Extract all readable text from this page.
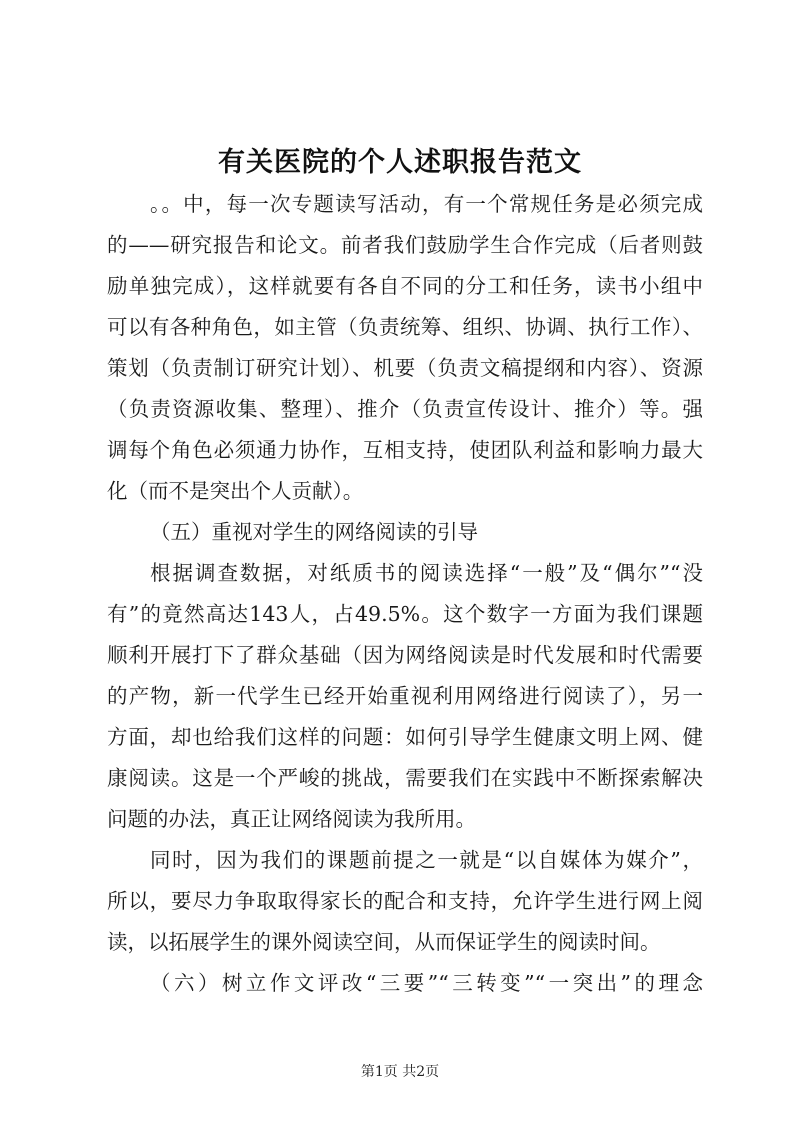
有关医院的个人述职报告范文
。。中，每一次专题读写活动，有一个常规任务是必须完成
的——研究报告和论文。前者我们鼓励学生合作完成（后者则鼓
励单独完成），这样就要有各自不同的分工和任务，读书小组中
可以有各种角色，如主管（负责统筹、组织、协调、执行工作）、
策划（负责制订研究计划）、机要（负责文稿提纲和内容）、资源
（负责资源收集、整理）、推介（负责宣传设计、推介）等。强
调每个角色必须通力协作，互相支持，使团队利益和影响力最大
化（而不是突出个人贡献）。
（五）重视对学生的网络阅读的引导
根据调查数据，对纸质书的阅读选择“一般”及“偶尔”“没
有”的竟然高达143人，占49.5%。这个数字一方面为我们课题
顺利开展打下了群众基础（因为网络阅读是时代发展和时代需要
的产物，新一代学生已经开始重视利用网络进行阅读了），另一
方面，却也给我们这样的问题：如何引导学生健康文明上网、健
康阅读。这是一个严峻的挑战，需要我们在实践中不断探索解决
问题的办法，真正让网络阅读为我所用。
同时，因为我们的课题前提之一就是“以自媒体为媒介”，
所以，要尽力争取取得家长的配合和支持，允许学生进行网上阅
读，以拓展学生的课外阅读空间，从而保证学生的阅读时间。
（六）树立作文评改“三要”“三转变”“一突出”的理念
第1页 共2页
